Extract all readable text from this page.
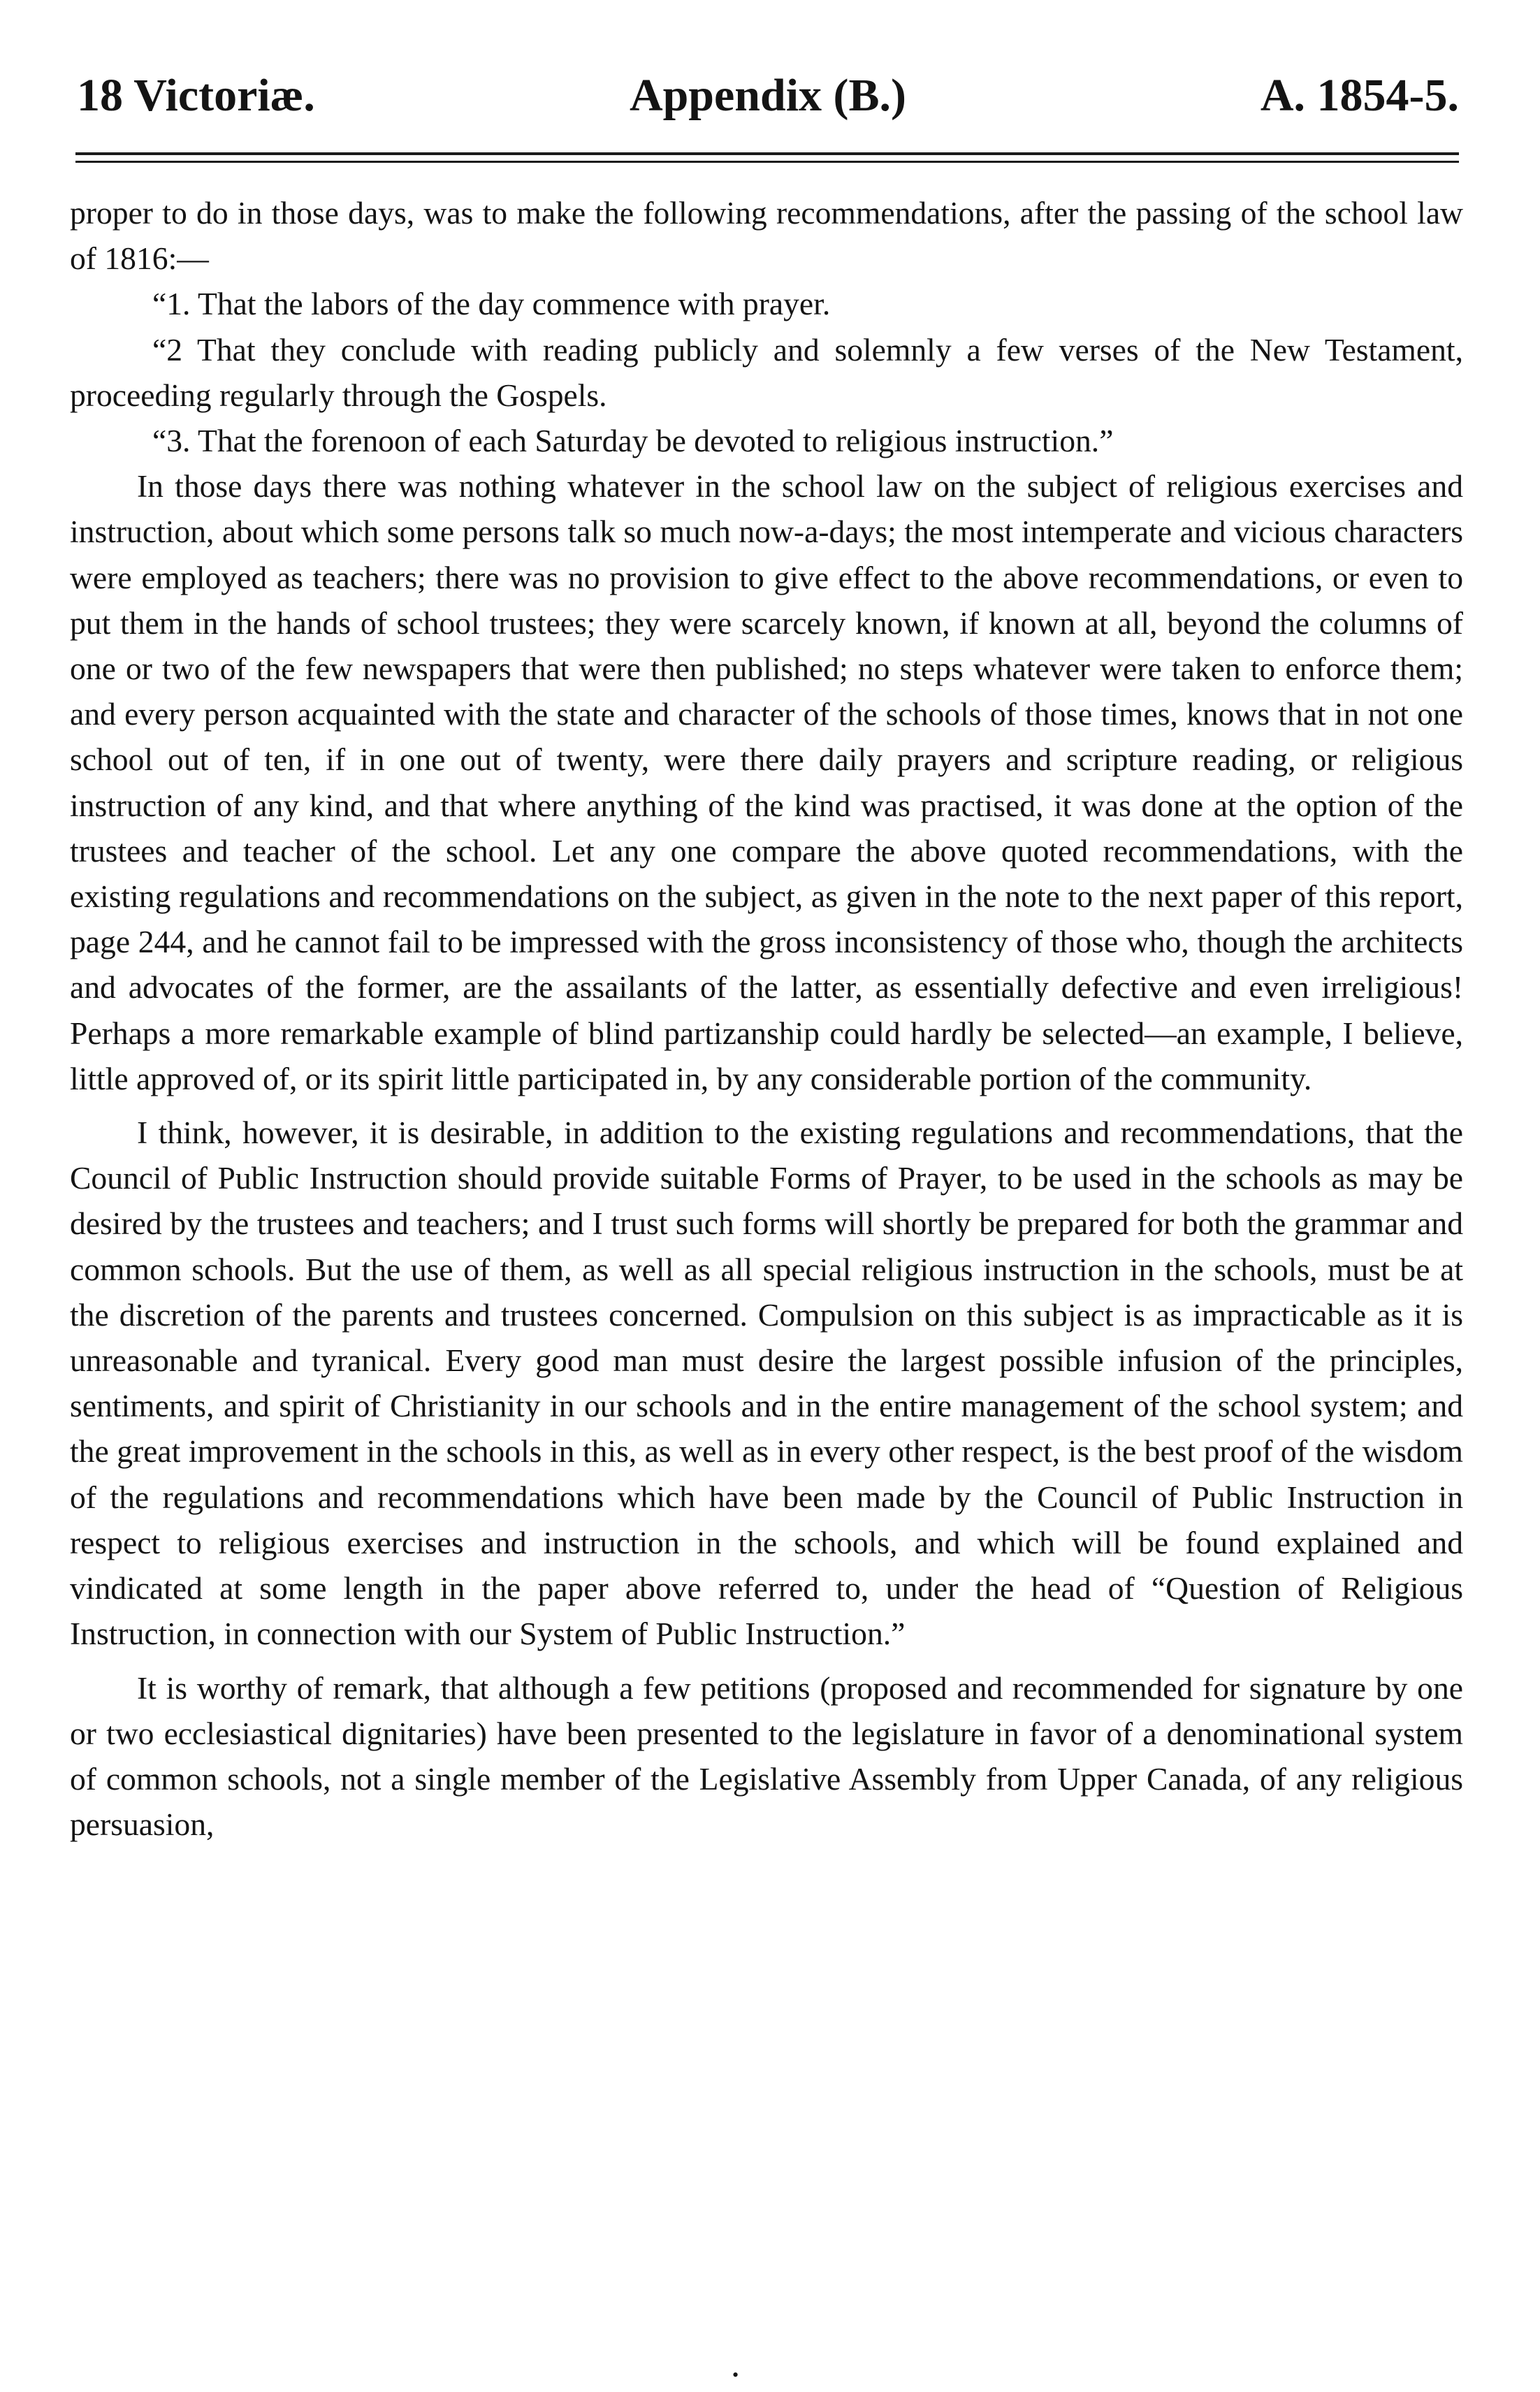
18 Victoriæ.	Appendix (B.)	A. 1854-5.

proper to do in those days, was to make the following recommendations, after the passing of the school law of 1816:—

“1. That the labors of the day commence with prayer.

“2 That they conclude with reading publicly and solemnly a few verses of the New Testament, proceeding regularly through the Gospels.

“3. That the forenoon of each Saturday be devoted to religious instruction.”

In those days there was nothing whatever in the school law on the subject of religious exercises and instruction, about which some persons talk so much now-a-days; the most intemperate and vicious characters were employed as teachers; there was no provision to give effect to the above recommendations, or even to put them in the hands of school trustees; they were scarcely known, if known at all, beyond the columns of one or two of the few newspapers that were then published; no steps whatever were taken to enforce them; and every person acquainted with the state and character of the schools of those times, knows that in not one school out of ten, if in one out of twenty, were there daily prayers and scripture reading, or religious instruction of any kind, and that where anything of the kind was practised, it was done at the option of the trustees and teacher of the school. Let any one compare the above quoted recommendations, with the existing regulations and recommendations on the subject, as given in the note to the next paper of this report, page 244, and he cannot fail to be impressed with the gross inconsistency of those who, though the architects and advocates of the former, are the assailants of the latter, as essentially defective and even irreligious! Perhaps a more remarkable example of blind partizanship could hardly be selected—an example, I believe, little approved of, or its spirit little participated in, by any considerable portion of the community.

I think, however, it is desirable, in addition to the existing regulations and recommendations, that the Council of Public Instruction should provide suitable Forms of Prayer, to be used in the schools as may be desired by the trustees and teachers; and I trust such forms will shortly be prepared for both the grammar and common schools. But the use of them, as well as all special religious instruction in the schools, must be at the discretion of the parents and trustees concerned. Compulsion on this subject is as impracticable as it is unreasonable and tyranical. Every good man must desire the largest possible infusion of the principles, sentiments, and spirit of Christianity in our schools and in the entire management of the school system; and the great improvement in the schools in this, as well as in every other respect, is the best proof of the wisdom of the regulations and recommendations which have been made by the Council of Public Instruction in respect to religious exercises and instruction in the schools, and which will be found explained and vindicated at some length in the paper above referred to, under the head of “Question of Religious Instruction, in connection with our System of Public Instruction.”

It is worthy of remark, that although a few petitions (proposed and recommended for signature by one or two ecclesiastical dignitaries) have been presented to the legislature in favor of a denominational system of common schools, not a single member of the Legislative Assembly from Upper Canada, of any religious persuasion,

•
